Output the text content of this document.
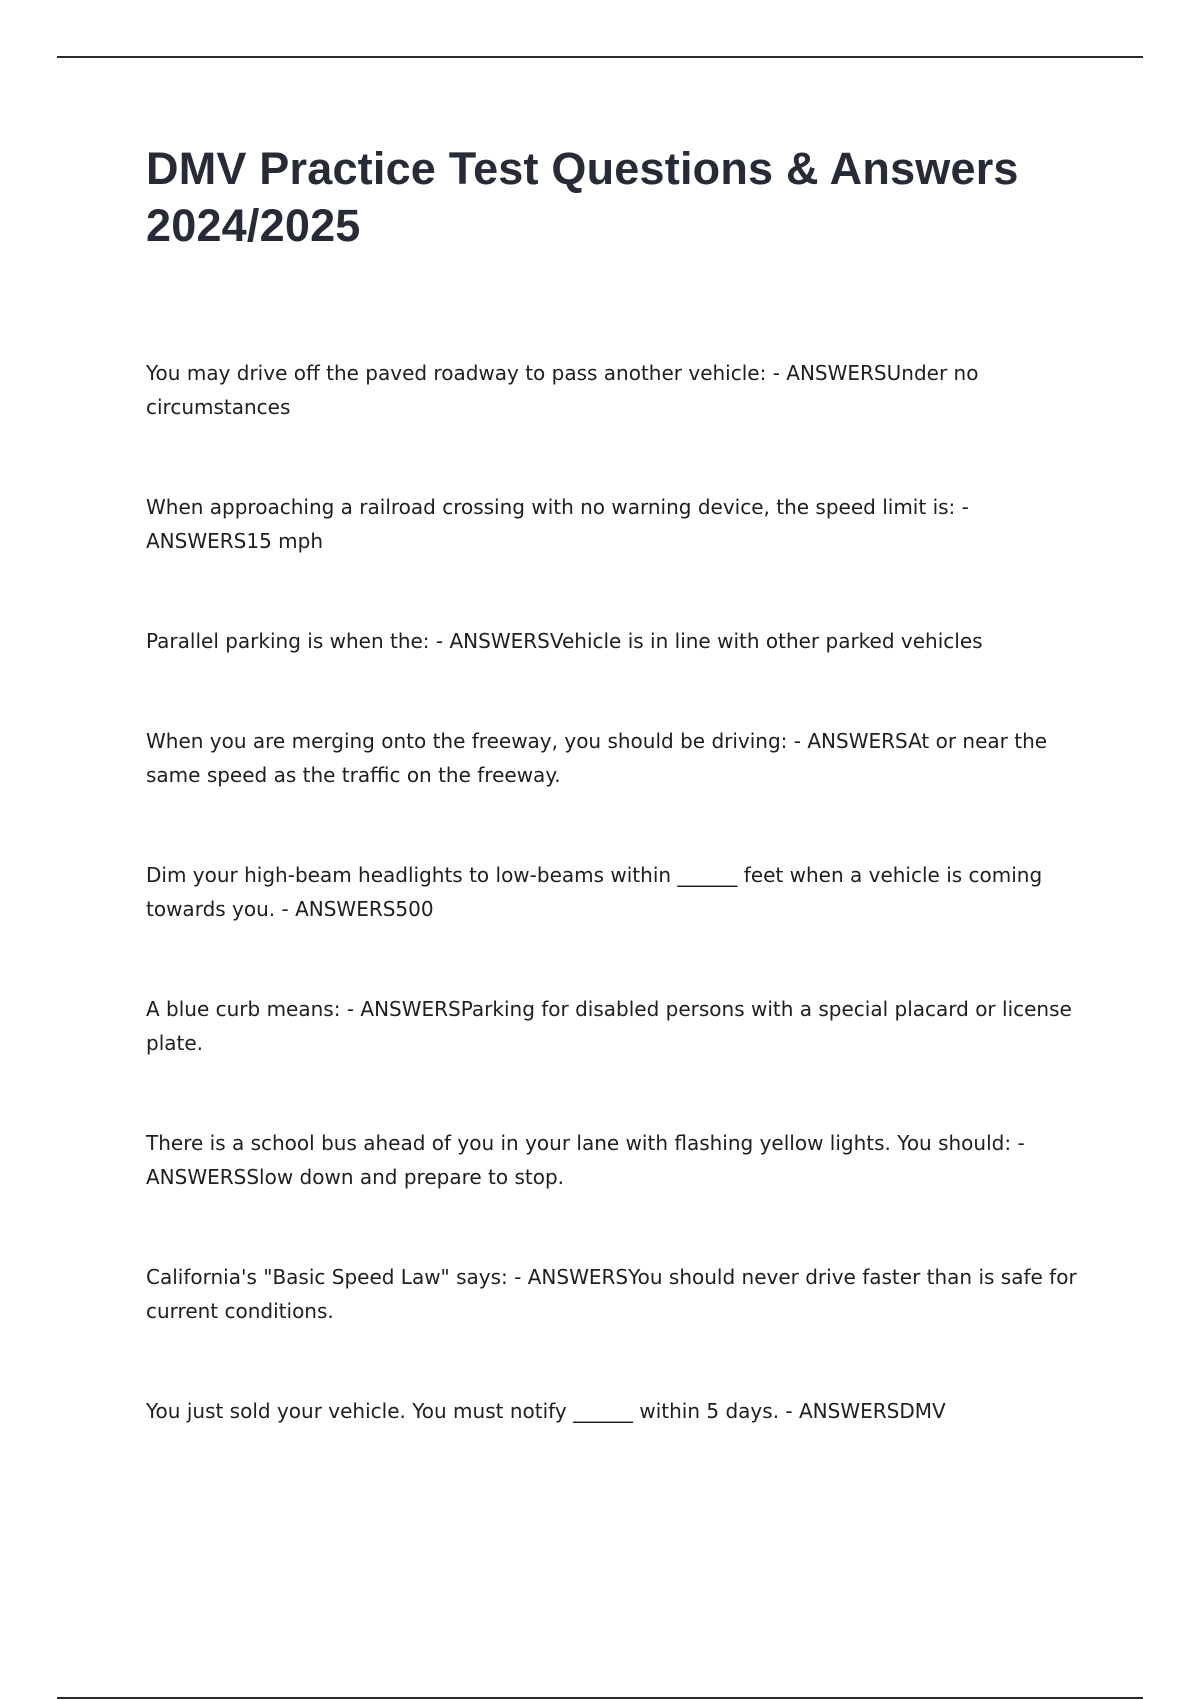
DMV Practice Test Questions & Answers 2024/2025
You may drive off the paved roadway to pass another vehicle: - ANSWERSUnder no circumstances
When approaching a railroad crossing with no warning device, the speed limit is: - ANSWERS15 mph
Parallel parking is when the: - ANSWERSVehicle is in line with other parked vehicles
When you are merging onto the freeway, you should be driving: - ANSWERSAt or near the same speed as the traffic on the freeway.
Dim your high-beam headlights to low-beams within ______ feet when a vehicle is coming towards you. - ANSWERS500
A blue curb means: - ANSWERSParking for disabled persons with a special placard or license plate.
There is a school bus ahead of you in your lane with flashing yellow lights. You should: - ANSWERSSlow down and prepare to stop.
California's "Basic Speed Law" says: - ANSWERSYou should never drive faster than is safe for current conditions.
You just sold your vehicle. You must notify ______ within 5 days. - ANSWERSDMV
